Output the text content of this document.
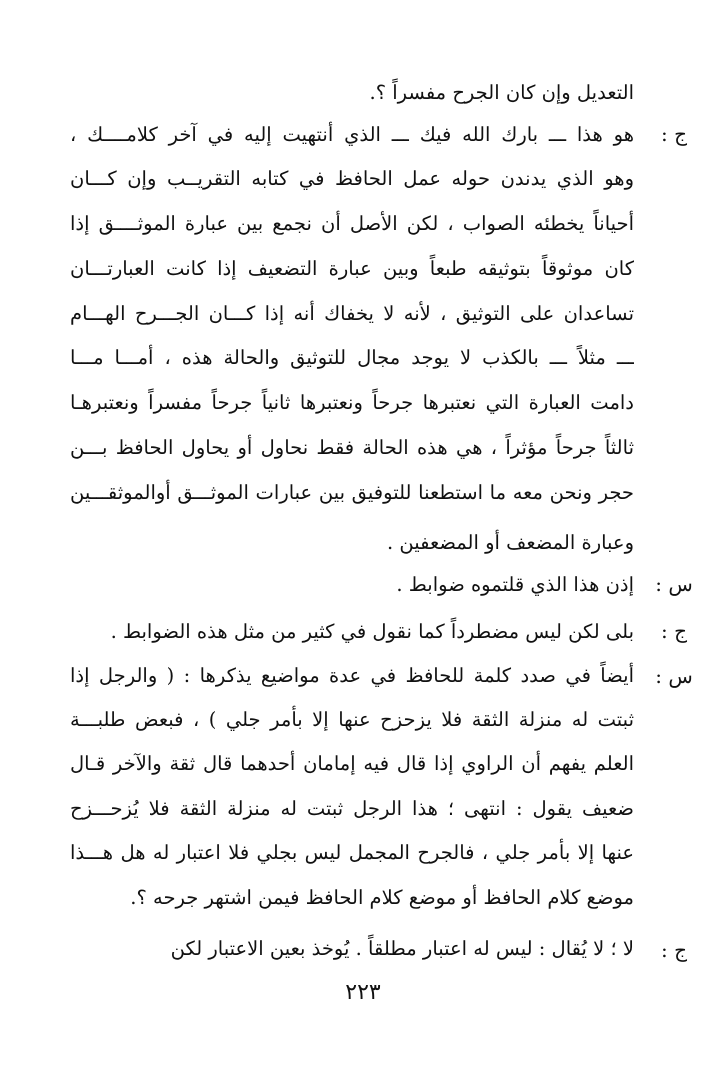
التعديل وإن كان الجرح مفسراً ؟.
ج :
هو هذا ـــ بارك الله فيك ـــ الذي أنتهيت إليه في آخر كلامــــك ،
وهو الذي يدندن حوله عمل الحافظ في كتابه التقريــب وإن كـــان
أحياناً يخطئه الصواب ، لكن الأصل أن نجمع بين عبارة الموثــــق إذا
كان موثوقاً بتوثيقه طبعاً وبين عبارة التضعيف إذا كانت العبارتـــان
تساعدان على التوثيق ، لأنه لا يخفاك أنه إذا كـــان الجـــرح الهـــام
ـــ مثلاً ـــ بالكذب لا يوجد مجال للتوثيق والحالة هذه ، أمـــا مـــا
دامت العبارة التي نعتبرها جرحاً ونعتبرها ثانياً جرحاً مفسراً ونعتبرهـا
ثالثاً جرحاً مؤثراً ، هي هذه الحالة فقط نحاول أو يحاول الحافظ بـــن
حجر ونحن معه ما استطعنا للتوفيق بين عبارات الموثـــق أوالموثقـــين
وعبارة المضعف أو المضعفين .
س :
إذن هذا الذي قلتموه ضوابط .
ج :
بلى لكن ليس مضطرداً كما نقول في كثير من مثل هذه الضوابط .
س :
أيضاً في صدد كلمة للحافظ في عدة مواضيع يذكرها : ( والرجل إذا
ثبتت له منزلة الثقة فلا يزحزح عنها إلا بأمر جلي ) ، فبعض طلبـــة
العلم يفهم أن الراوي إذا قال فيه إمامان أحدهما قال ثقة والآخر قـال
ضعيف يقول : انتهى ؛ هذا الرجل ثبتت له منزلة الثقة فلا يُزحـــزح
عنها إلا بأمر جلي ، فالجرح المجمل ليس بجلي فلا اعتبار له هل هـــذا
موضع كلام الحافظ أو موضع كلام الحافظ فيمن اشتهر جرحه ؟.
ج :
لا ؛ لا يُقال : ليس له اعتبار مطلقاً . يُوخذ بعين الاعتبار لكن
٢٢٣
